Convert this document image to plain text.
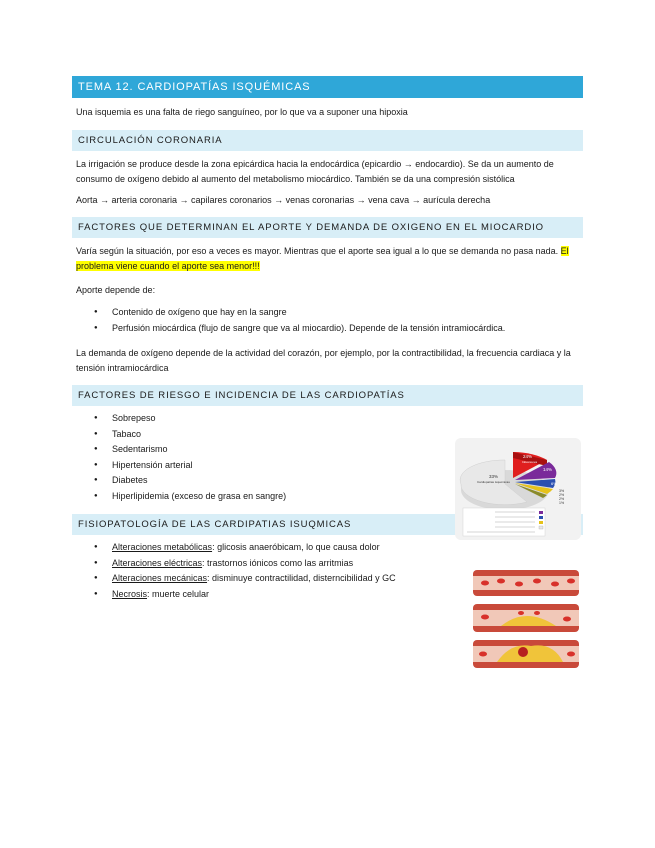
TEMA 12. CARDIOPATÍAS ISQUÉMICAS

Una isquemia es una falta de riego sanguíneo, por lo que va a suponer una hipoxia

CIRCULACIÓN CORONARIA

La irrigación se produce desde la zona epicárdica hacia la endocárdica (epicardio → endocardio). Se da un aumento de consumo de oxígeno debido al aumento del metabolismo miocárdico. También se da una compresión sistólica

Aorta → arteria coronaria → capilares coronarios → venas coronarias → vena cava → aurícula derecha

FACTORES QUE DETERMINAN EL APORTE Y DEMANDA DE OXIGENO EN EL MIOCARDIO

Varía según la situación, por eso a veces es mayor. Mientras que el aporte sea igual a lo que se demanda no pasa nada. El problema viene cuando el aporte sea menor!!!

Aporte depende de:

● Contenido de oxígeno que hay en la sangre
● Perfusión miocárdica (flujo de sangre que va al miocardio). Depende de la tensión intramiocárdica.

La demanda de oxígeno depende de la actividad del corazón, por ejemplo, por la contractibilidad, la frecuencia cardiaca y la tensión intramiocárdica

FACTORES DE RIESGO E INCIDENCIA DE LAS CARDIOPATÍAS
● Sobrepeso
● Tabaco
● Sedentarismo
● Hipertensión arterial
● Diabetes
● Hiperlipidemia (exceso de grasa en sangre)
FISIOPATOLOGÍA DE LAS CARDIPATIAS ISUQMICAS
● Alteraciones metabólicas: glicosis anaeróbicam, lo que causa dolor
● Alteraciones eléctricas: trastornos iónicos como las arritmias
● Alteraciones mecánicas: disminuye contractilidad, disterncibilidad y GC
● Necrosis: muerte celular
33%
Cardiopatías isquémicas
24%
Infecciones
14%
6%
3%
2%
2%
1%
